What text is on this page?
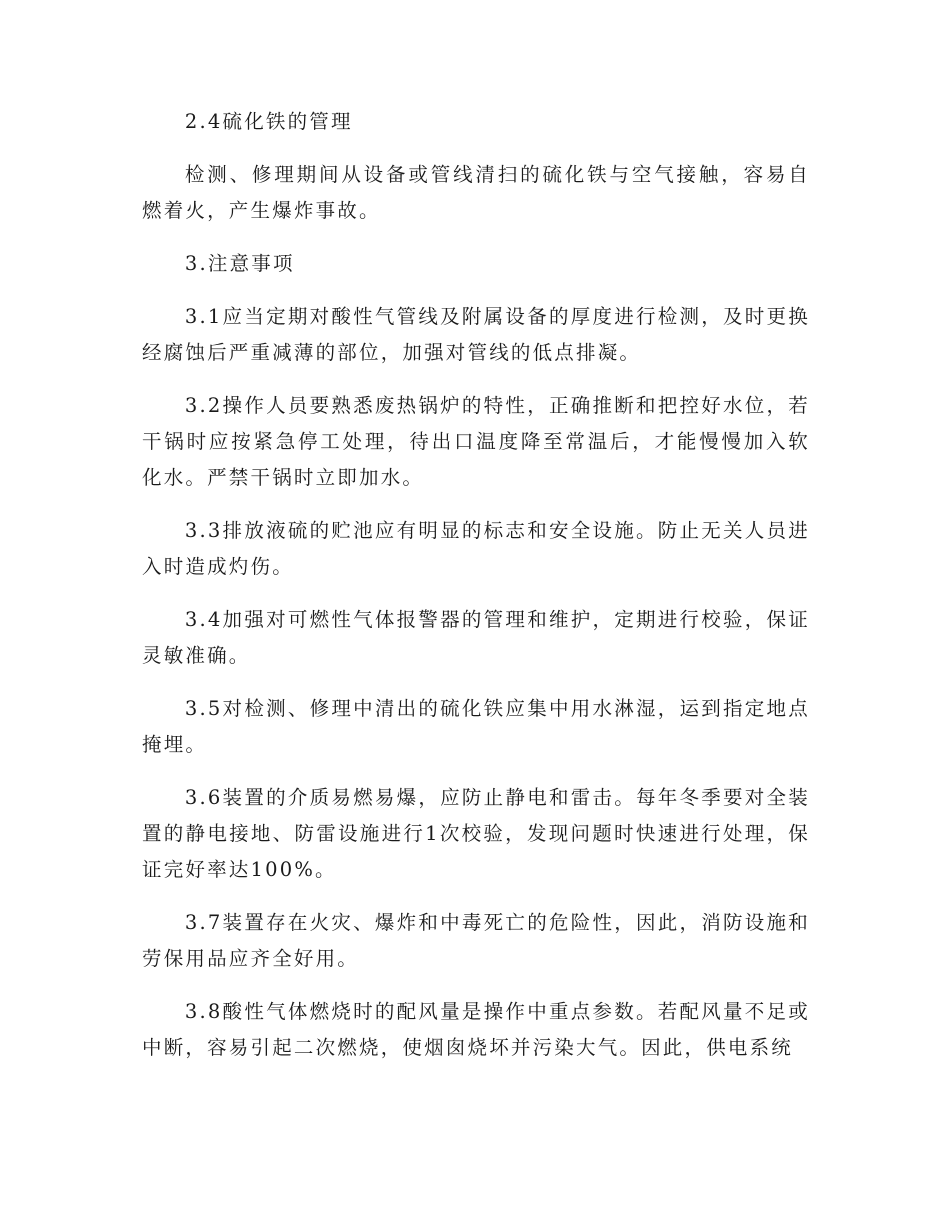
2.4硫化铁的管理

检测、修理期间从设备或管线清扫的硫化铁与空气接触，容易自燃着火，产生爆炸事故。

3.注意事项

3.1应当定期对酸性气管线及附属设备的厚度进行检测，及时更换经腐蚀后严重减薄的部位，加强对管线的低点排凝。

3.2操作人员要熟悉废热锅炉的特性，正确推断和把控好水位，若干锅时应按紧急停工处理，待出口温度降至常温后，才能慢慢加入软化水。严禁干锅时立即加水。

3.3排放液硫的贮池应有明显的标志和安全设施。防止无关人员进入时造成灼伤。

3.4加强对可燃性气体报警器的管理和维护，定期进行校验，保证灵敏准确。

3.5对检测、修理中清出的硫化铁应集中用水淋湿，运到指定地点掩埋。

3.6装置的介质易燃易爆，应防止静电和雷击。每年冬季要对全装置的静电接地、防雷设施进行1次校验，发现问题时快速进行处理，保证完好率达100%。

3.7装置存在火灾、爆炸和中毒死亡的危险性，因此，消防设施和劳保用品应齐全好用。

3.8酸性气体燃烧时的配风量是操作中重点参数。若配风量不足或中断，容易引起二次燃烧，使烟囱烧坏并污染大气。因此，供电系统
